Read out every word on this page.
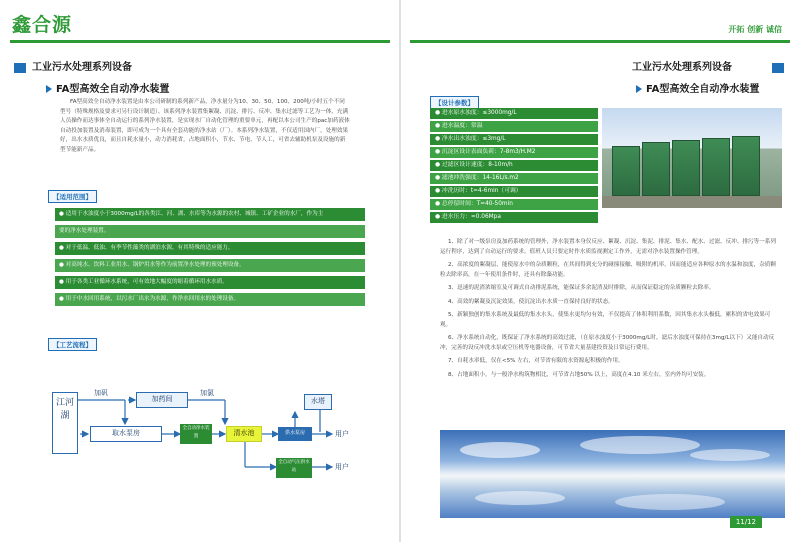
鑫合源	开拓 创新 诚信
工业污水处理系列设备
FA型高效全自动净水装置
FA型高效全自动净水装置是由本公司研制的系列新产品，净水量分为10、30、50、100、200吨/小时五个不同型号（特殊规格及要求可另行设计制造）。该系列净水装置集絮凝、沉淀、排污、反冲、集水过滤等工艺为一体，充满人员操作而达事体全自动运行的系列净水装置，是实现水厂自动化管理的重要单元，再配以本公司生产的pac加药液体自动投加装置及消毒装置，即可成为一个具有全套功能的净水站（厂）。本系列净水装置，不仅适用国内厂，处理效果好，出水水质优良，而且自耗水量小，动力消耗省，占地面积小，节水、节电、节人工，可省去辅助机泵及设施的新型节能新产品。
【适用范围】
● 适用于水浊度小于3000mg/L的各类江、河、湖、水库等为水源的农村、城镇、工矿企业的水厂，作为主
要的净水处理装置。
● 对于低温、低浊、有季节性藻类的湖泊水源，有其特殊的适应能力。
● 对高纯水、饮料工业用水、锅炉用水等作为前置净水处理的预处理设备。
● 用于各类工业循环水系统，可有效地大幅度的缩着循环用水水质。
● 用于中水回用系统，以污水厂出水为水源，作净水回用水的处理设备。
【工艺流程】
江河湖
加矾
加药间
加氯
取水泵房
全自动净水装置	清水池	供水泵房
水塔
用户
全自动气压供水站	用户
工业污水处理系列设备
FA型高效全自动净水装置
【设计参数】
● 进水原水浊度：≤3000mg/L
● 进水温度：常温
● 净水出水浊度：≤3mg/L
● 沉淀区设计表面负荷：7-8m3/H.M2
● 过滤区设计速度：8-10m/h
● 滤池冲洗强度：14-16L/s.m2
● 冲洗历时：t=4-6min（可调）
● 总停留时间：T=40-50min
● 进水压力：≈0.06Mpa

1、除了对一级泵房及加药系统的管理外，净水装置本身仅反应、絮凝、沉淀、集泥、排泥、集水、配水、过滤、反冲、排污等一系列运行程序，达到了自动运行的要求。值班人员只要定时作水质监视测定工作外，无需对净水装置操作管理。

2、高浓度的絮凝层，能使原水中的杂质颗粒，在其间得到充分的碰撞接触、吸附的机率，因而能适应各种原水的水温和浊度，杂质颗粒去除率高，在一年使用条件时，还具有除藻功能。

3、迅速的泥渣浓缩室及可调式自动排泥系统，能保证多余泥渣及时排除，从而保证稳定的杂质颗粒去除率。

4、高效的絮凝及沉淀效果，使沉淀出水水质一直保持良好的状态。

5、新颖独创的集水系统及最低的集水水头，使集水更均匀有效，不仅提高了体积利用系数，因其集水水头极低，累积的省电效果可观。

6、净水系统自动化，既保证了净水系统的高效过滤，（在原水浊度小于3000mg/L时，滤后水浊度可保持在3mg/L以下）又能自动反冲，完善的设反冲洗水泵或空压机等电器设备，可节省大量基建投资及日常运行费用。

7、自耗水率低，仅在<5% 左右，对节省有限的水资源起积极的作用。

8、占地面积小，与一般净水构筑物相比，可节省占地50% 以上，高度在4.10 米左右，室内外均可安装。

11/12
